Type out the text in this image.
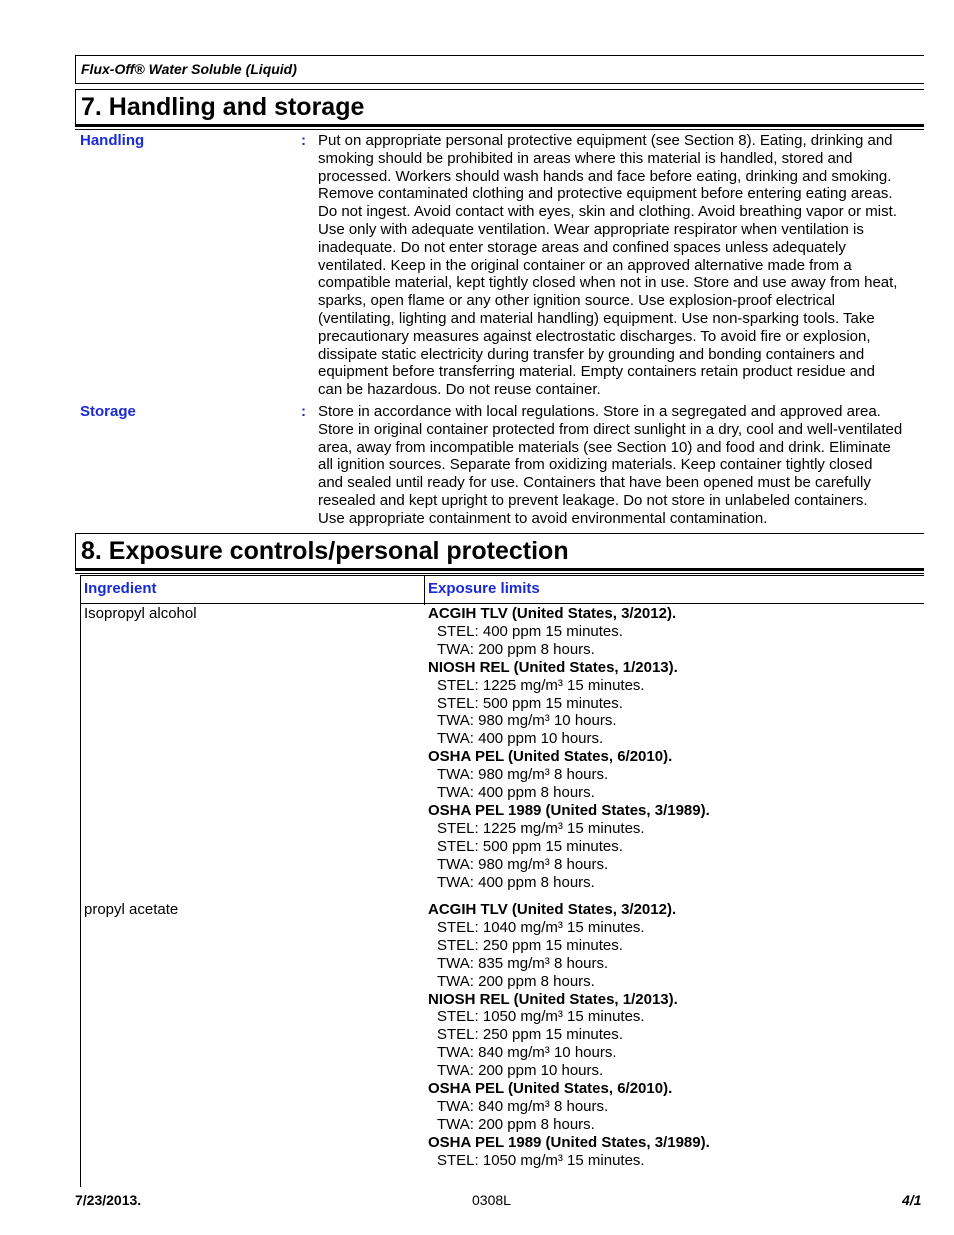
Flux-Off® Water Soluble (Liquid)
7. Handling and storage
Handling	: Put on appropriate personal protective equipment (see Section 8). Eating, drinking and
smoking should be prohibited in areas where this material is handled, stored and
processed. Workers should wash hands and face before eating, drinking and smoking.
Remove contaminated clothing and protective equipment before entering eating areas.
Do not ingest. Avoid contact with eyes, skin and clothing. Avoid breathing vapor or mist.
Use only with adequate ventilation. Wear appropriate respirator when ventilation is
inadequate. Do not enter storage areas and confined spaces unless adequately
ventilated. Keep in the original container or an approved alternative made from a
compatible material, kept tightly closed when not in use. Store and use away from heat,
sparks, open flame or any other ignition source. Use explosion-proof electrical
(ventilating, lighting and material handling) equipment. Use non-sparking tools. Take
precautionary measures against electrostatic discharges. To avoid fire or explosion,
dissipate static electricity during transfer by grounding and bonding containers and
equipment before transferring material. Empty containers retain product residue and
can be hazardous. Do not reuse container.
Storage	: Store in accordance with local regulations. Store in a segregated and approved area.
Store in original container protected from direct sunlight in a dry, cool and well-ventilated
area, away from incompatible materials (see Section 10) and food and drink. Eliminate
all ignition sources. Separate from oxidizing materials. Keep container tightly closed
and sealed until ready for use. Containers that have been opened must be carefully
resealed and kept upright to prevent leakage. Do not store in unlabeled containers.
Use appropriate containment to avoid environmental contamination.
8. Exposure controls/personal protection
Ingredient	Exposure limits
Isopropyl alcohol	ACGIH TLV (United States, 3/2012).
STEL: 400 ppm 15 minutes.
TWA: 200 ppm 8 hours.
NIOSH REL (United States, 1/2013).
STEL: 1225 mg/m³ 15 minutes.
STEL: 500 ppm 15 minutes.
TWA: 980 mg/m³ 10 hours.
TWA: 400 ppm 10 hours.
OSHA PEL (United States, 6/2010).
TWA: 980 mg/m³ 8 hours.
TWA: 400 ppm 8 hours.
OSHA PEL 1989 (United States, 3/1989).
STEL: 1225 mg/m³ 15 minutes.
STEL: 500 ppm 15 minutes.
TWA: 980 mg/m³ 8 hours.
TWA: 400 ppm 8 hours.
propyl acetate	ACGIH TLV (United States, 3/2012).
STEL: 1040 mg/m³ 15 minutes.
STEL: 250 ppm 15 minutes.
TWA: 835 mg/m³ 8 hours.
TWA: 200 ppm 8 hours.
NIOSH REL (United States, 1/2013).
STEL: 1050 mg/m³ 15 minutes.
STEL: 250 ppm 15 minutes.
TWA: 840 mg/m³ 10 hours.
TWA: 200 ppm 10 hours.
OSHA PEL (United States, 6/2010).
TWA: 840 mg/m³ 8 hours.
TWA: 200 ppm 8 hours.
OSHA PEL 1989 (United States, 3/1989).
STEL: 1050 mg/m³ 15 minutes.
7/23/2013.	0308L	4/1
